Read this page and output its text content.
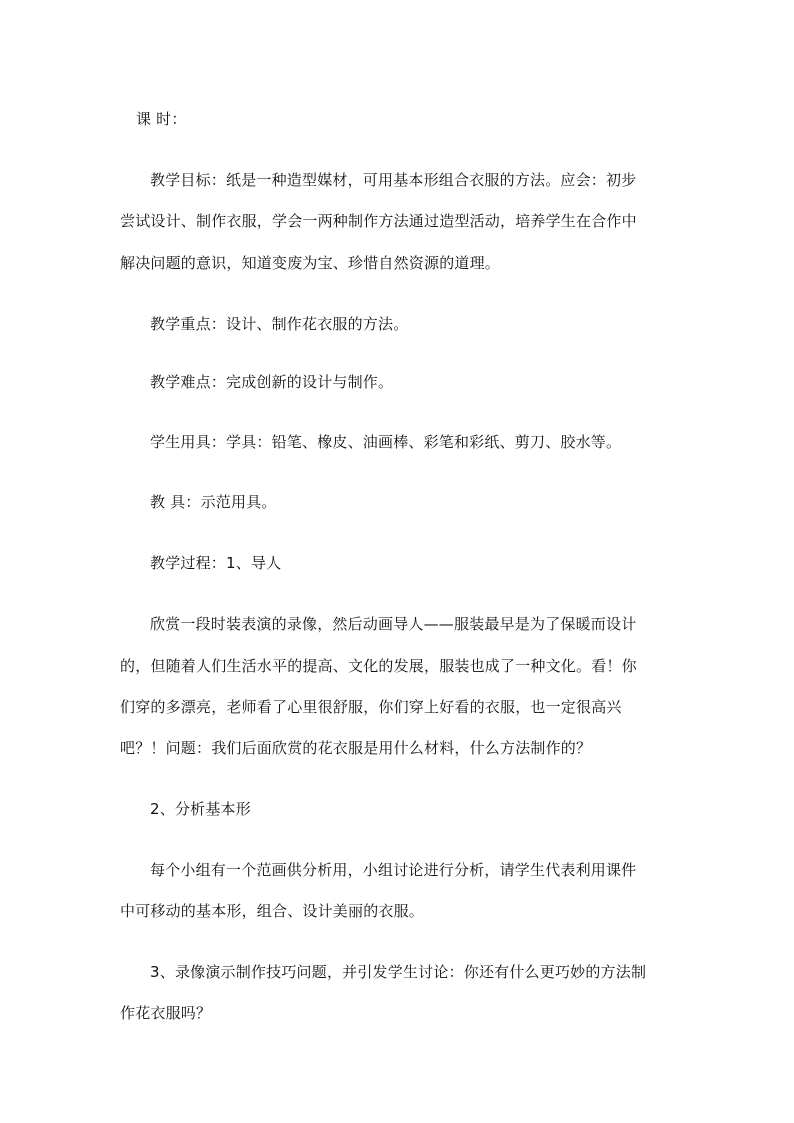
课 时：
教学目标：纸是一种造型媒材，可用基本形组合衣服的方法。应会：初步
尝试设计、制作衣服，学会一两种制作方法通过造型活动，培养学生在合作中
解决问题的意识，知道变废为宝、珍惜自然资源的道理。
教学重点：设计、制作花衣服的方法。
教学难点：完成创新的设计与制作。
学生用具：学具：铅笔、橡皮、油画棒、彩笔和彩纸、剪刀、胶水等。
教 具：示范用具。
教学过程：1、导人
欣赏一段时装表演的录像，然后动画导人——服装最早是为了保暖而设计
的，但随着人们生活水平的提高、文化的发展，服装也成了一种文化。看！你
们穿的多漂亮，老师看了心里很舒服，你们穿上好看的衣服，也一定很高兴
吧？！问题：我们后面欣赏的花衣服是用什么材料，什么方法制作的？
2、分析基本形
每个小组有一个范画供分析用，小组讨论进行分析，请学生代表利用课件
中可移动的基本形，组合、设计美丽的衣服。
3、录像演示制作技巧问题，并引发学生讨论：你还有什么更巧妙的方法制
作花衣服吗？
